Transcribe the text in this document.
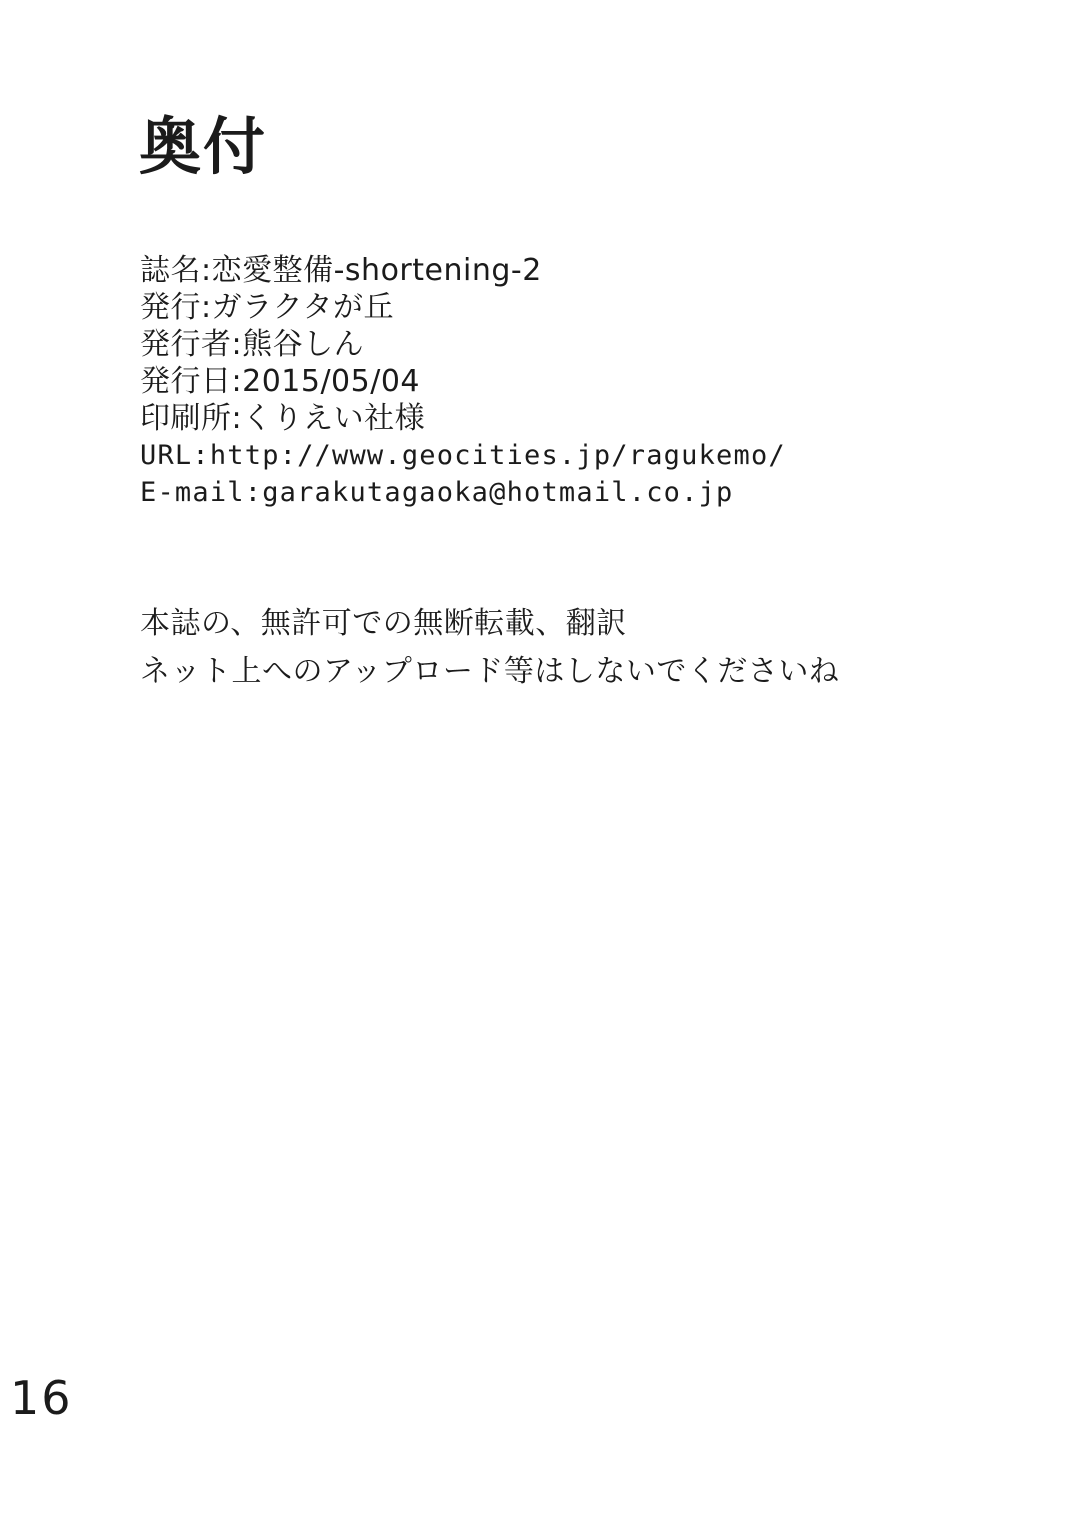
奥付
誌名:恋愛整備-shortening-2
発行:ガラクタが丘
発行者:熊谷しん
発行日:2015/05/04
印刷所:くりえい社様
URL:http://www.geocities.jp/ragukemo/
E-mail:garakutagaoka@hotmail.co.jp
本誌の、無許可での無断転載、翻訳
ネット上へのアップロード等はしないでくださいね
16
